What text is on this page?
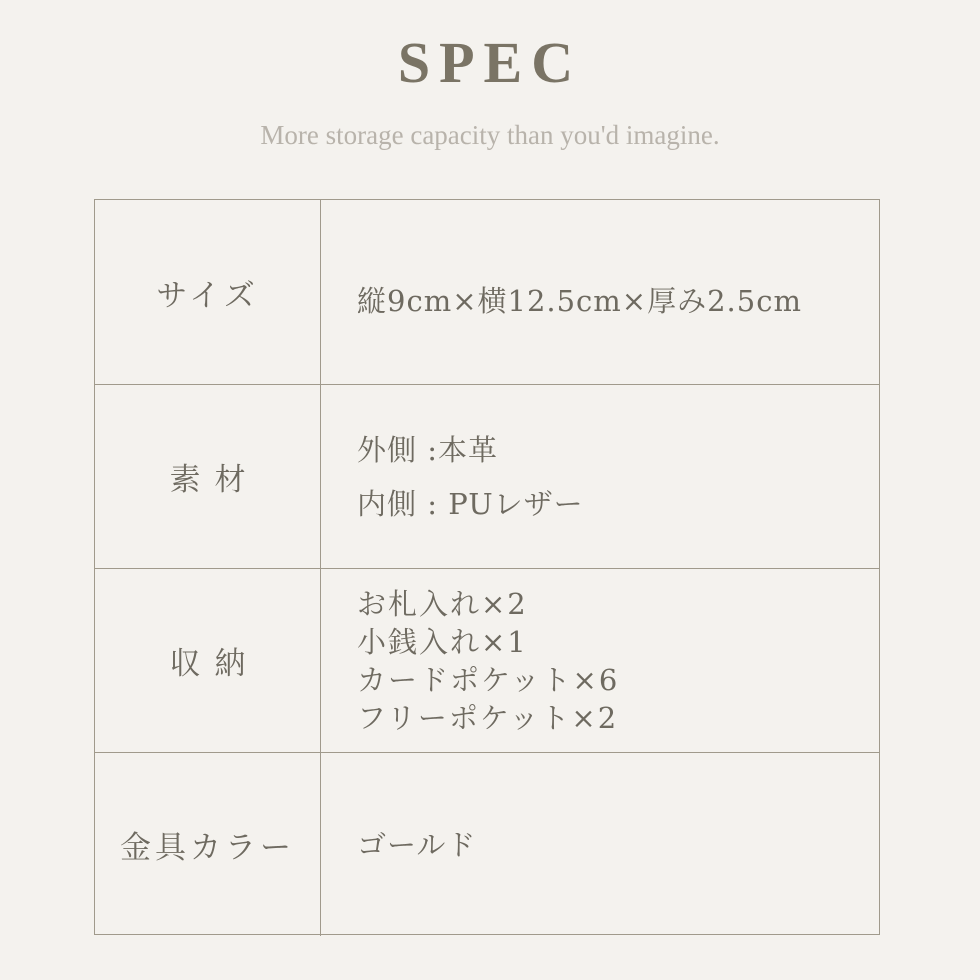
SPEC
More storage capacity than you'd imagine.
サイズ	縦9cm×横12.5cm×厚み2.5cm
素材
外側 :本革
内側 : PUレザー
収納
お札入れ×2
小銭入れ×1
カードポケット×6
フリーポケット×2
金具カラー	ゴールド
